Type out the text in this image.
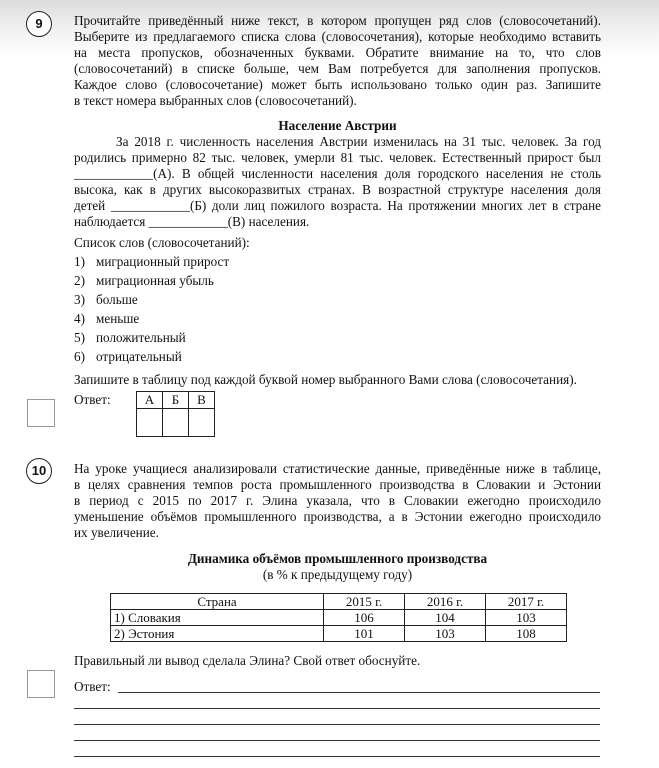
9 Прочитайте приведённый ниже текст, в котором пропущен ряд слов (словосочетаний).
Выберите из предлагаемого списка слова (словосочетания), которые необходимо вставить
на места пропусков, обозначенных буквами. Обратите внимание на то, что слов
(словосочетаний) в списке больше, чем Вам потребуется для заполнения пропусков.
Каждое слово (словосочетание) может быть использовано только один раз. Запишите
в текст номера выбранных слов (словосочетаний).
Население Австрии
За 2018 г. численность населения Австрии изменилась на 31 тыс. человек. За год
родились примерно 82 тыс. человек, умерли 81 тыс. человек. Естественный прирост был
____________(А). В общей численности населения доля городского населения не столь
высока, как в других высокоразвитых странах. В возрастной структуре населения доля
детей ____________(Б) доли лиц пожилого возраста. На протяжении многих лет в стране
наблюдается ____________(В) населения.
Список слов (словосочетаний):
1) миграционный прирост
2) миграционная убыль
3) больше
4) меньше
5) положительный
6) отрицательный
Запишите в таблицу под каждой буквой номер выбранного Вами слова (словосочетания).
Ответ:	А	Б	В

10 На уроке учащиеся анализировали статистические данные, приведённые ниже в таблице,
в целях сравнения темпов роста промышленного производства в Словакии и Эстонии
в период с 2015 по 2017 г. Элина указала, что в Словакии ежегодно происходило
уменьшение объёмов промышленного производства, а в Эстонии ежегодно происходило
их увеличение.
Динамика объёмов промышленного производства
(в % к предыдущему году)
Страна	2015 г.	2016 г.	2017 г.
1) Словакия	106	104	103
2) Эстония	101	103	108
Правильный ли вывод сделала Элина? Свой ответ обоснуйте.
Ответ:
